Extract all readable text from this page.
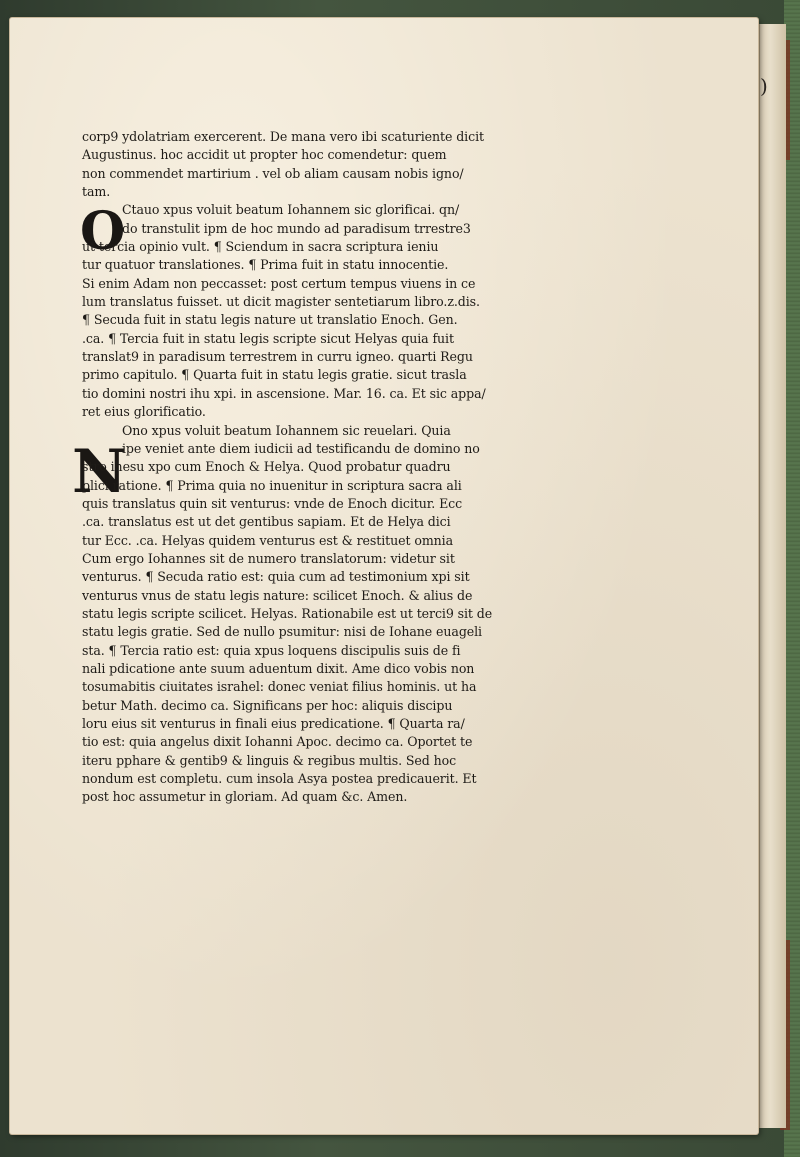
)
O
N
corp9 ydolatriam exercerent. De mana vero ibi scaturiente dicit
Augustinus. hoc accidit ut propter hoc comendetur: quem
non commendet martirium . vel ob aliam causam nobis igno/
tam.
Ctauo xpus voluit beatum Iohannem sic glorificai. qn/
do transtulit ipm de hoc mundo ad paradisum trrestre3
ut tercia opinio vult. ¶ Sciendum in sacra scriptura ieniu
tur quatuor translationes. ¶ Prima fuit in statu innocentie.
Si enim Adam non peccasset: post certum tempus viuens in ce
lum translatus fuisset. ut dicit magister sentetiarum libro.z.dis.
¶ Secuda fuit in statu legis nature ut translatio Enoch. Gen.
.ca. ¶ Tercia fuit in statu legis scripte sicut Helyas quia fuit
translat9 in paradisum terrestrem in curru igneo. quarti Regu
primo capitulo. ¶ Quarta fuit in statu legis gratie. sicut trasla
tio domini nostri ihu xpi. in ascensione. Mar. 16. ca. Et sic appa/
ret eius glorificatio.
Ono xpus voluit beatum Iohannem sic reuelari. Quia
ipe veniet ante diem iudicii ad testificandu de domino no
stro ihesu xpo cum Enoch & Helya. Quod probatur quadru
plici ratione. ¶ Prima quia no inuenitur in scriptura sacra ali
quis translatus quin sit venturus: vnde de Enoch dicitur. Ecc
.ca. translatus est ut det gentibus sapiam. Et de Helya dici
tur Ecc. .ca. Helyas quidem venturus est & restituet omnia
Cum ergo Iohannes sit de numero translatorum: videtur sit
venturus. ¶ Secuda ratio est: quia cum ad testimonium xpi sit
venturus vnus de statu legis nature: scilicet Enoch. & alius de
statu legis scripte scilicet. Helyas. Rationabile est ut terci9 sit de
statu legis gratie. Sed de nullo psumitur: nisi de Iohane euageli
sta. ¶ Tercia ratio est: quia xpus loquens discipulis suis de fi
nali pdicatione ante suum aduentum dixit. Ame dico vobis non
tosumabitis ciuitates israhel: donec veniat filius hominis. ut ha
betur Math. decimo ca. Significans per hoc: aliquis discipu
loru eius sit venturus in finali eius predicatione. ¶ Quarta ra/
tio est: quia angelus dixit Iohanni Apoc. decimo ca. Oportet te
iteru pphare & gentib9 & linguis & regibus multis. Sed hoc
nondum est completu. cum insola Asya postea predicauerit. Et
post hoc assumetur in gloriam. Ad quam &c. Amen.
